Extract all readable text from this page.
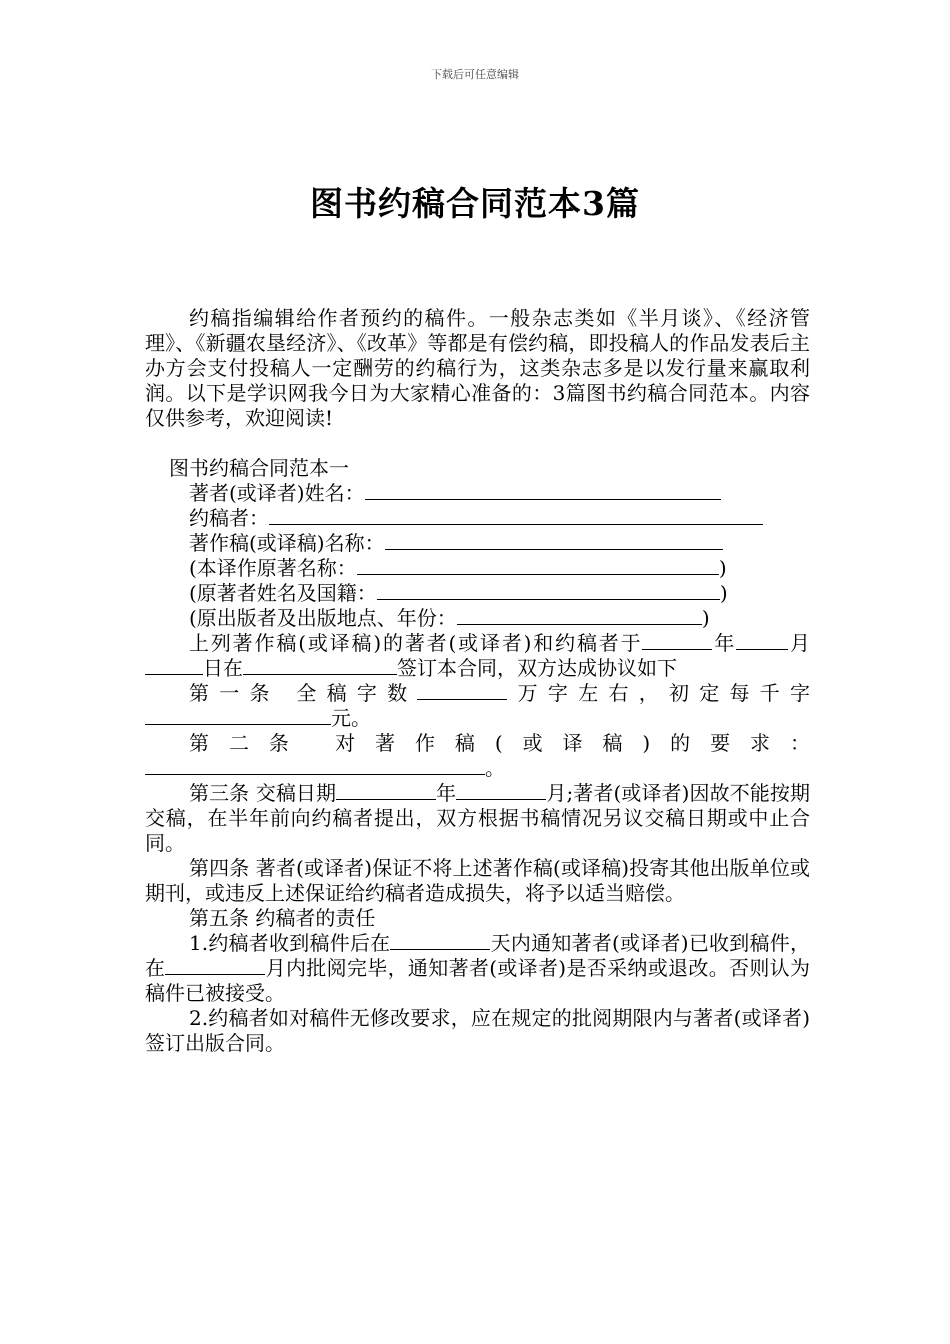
下载后可任意编辑
图书约稿合同范本3篇

约稿指编辑给作者预约的稿件。一般杂志类如《半月谈》、《经济管理》、《新疆农垦经济》、《改革》等都是有偿约稿，即投稿人的作品发表后主办方会支付投稿人一定酬劳的约稿行为，这类杂志多是以发行量来赢取利润。以下是学识网我今日为大家精心准备的：3篇图书约稿合同范本。内容仅供参考，欢迎阅读!

图书约稿合同范本一

著者(或译者)姓名：
约稿者：
著作稿(或译稿)名称：
(本译作原著名称：	)
(原著者姓名及国籍：	)
(原出版者及出版地点、年份：	)

上列著作稿(或译稿)的著者(或译者)和约稿者于	年	月日在	签订本合同，双方达成协议如下

第一条 全稿字数	万字左右，初定每千字元。

第二条 对著作稿(或译稿)的要求：。

第三条 交稿日期	年	月;著者(或译者)因故不能按期交稿，在半年前向约稿者提出，双方根据书稿情况另议交稿日期或中止合同。

第四条 著者(或译者)保证不将上述著作稿(或译稿)投寄其他出版单位或期刊，或违反上述保证给约稿者造成损失，将予以适当赔偿。

第五条 约稿者的责任

1.约稿者收到稿件后在	天内通知著者(或译者)已收到稿件，在	月内批阅完毕，通知著者(或译者)是否采纳或退改。否则认为稿件已被接受。

2.约稿者如对稿件无修改要求，应在规定的批阅期限内与著者(或译者)签订出版合同。
